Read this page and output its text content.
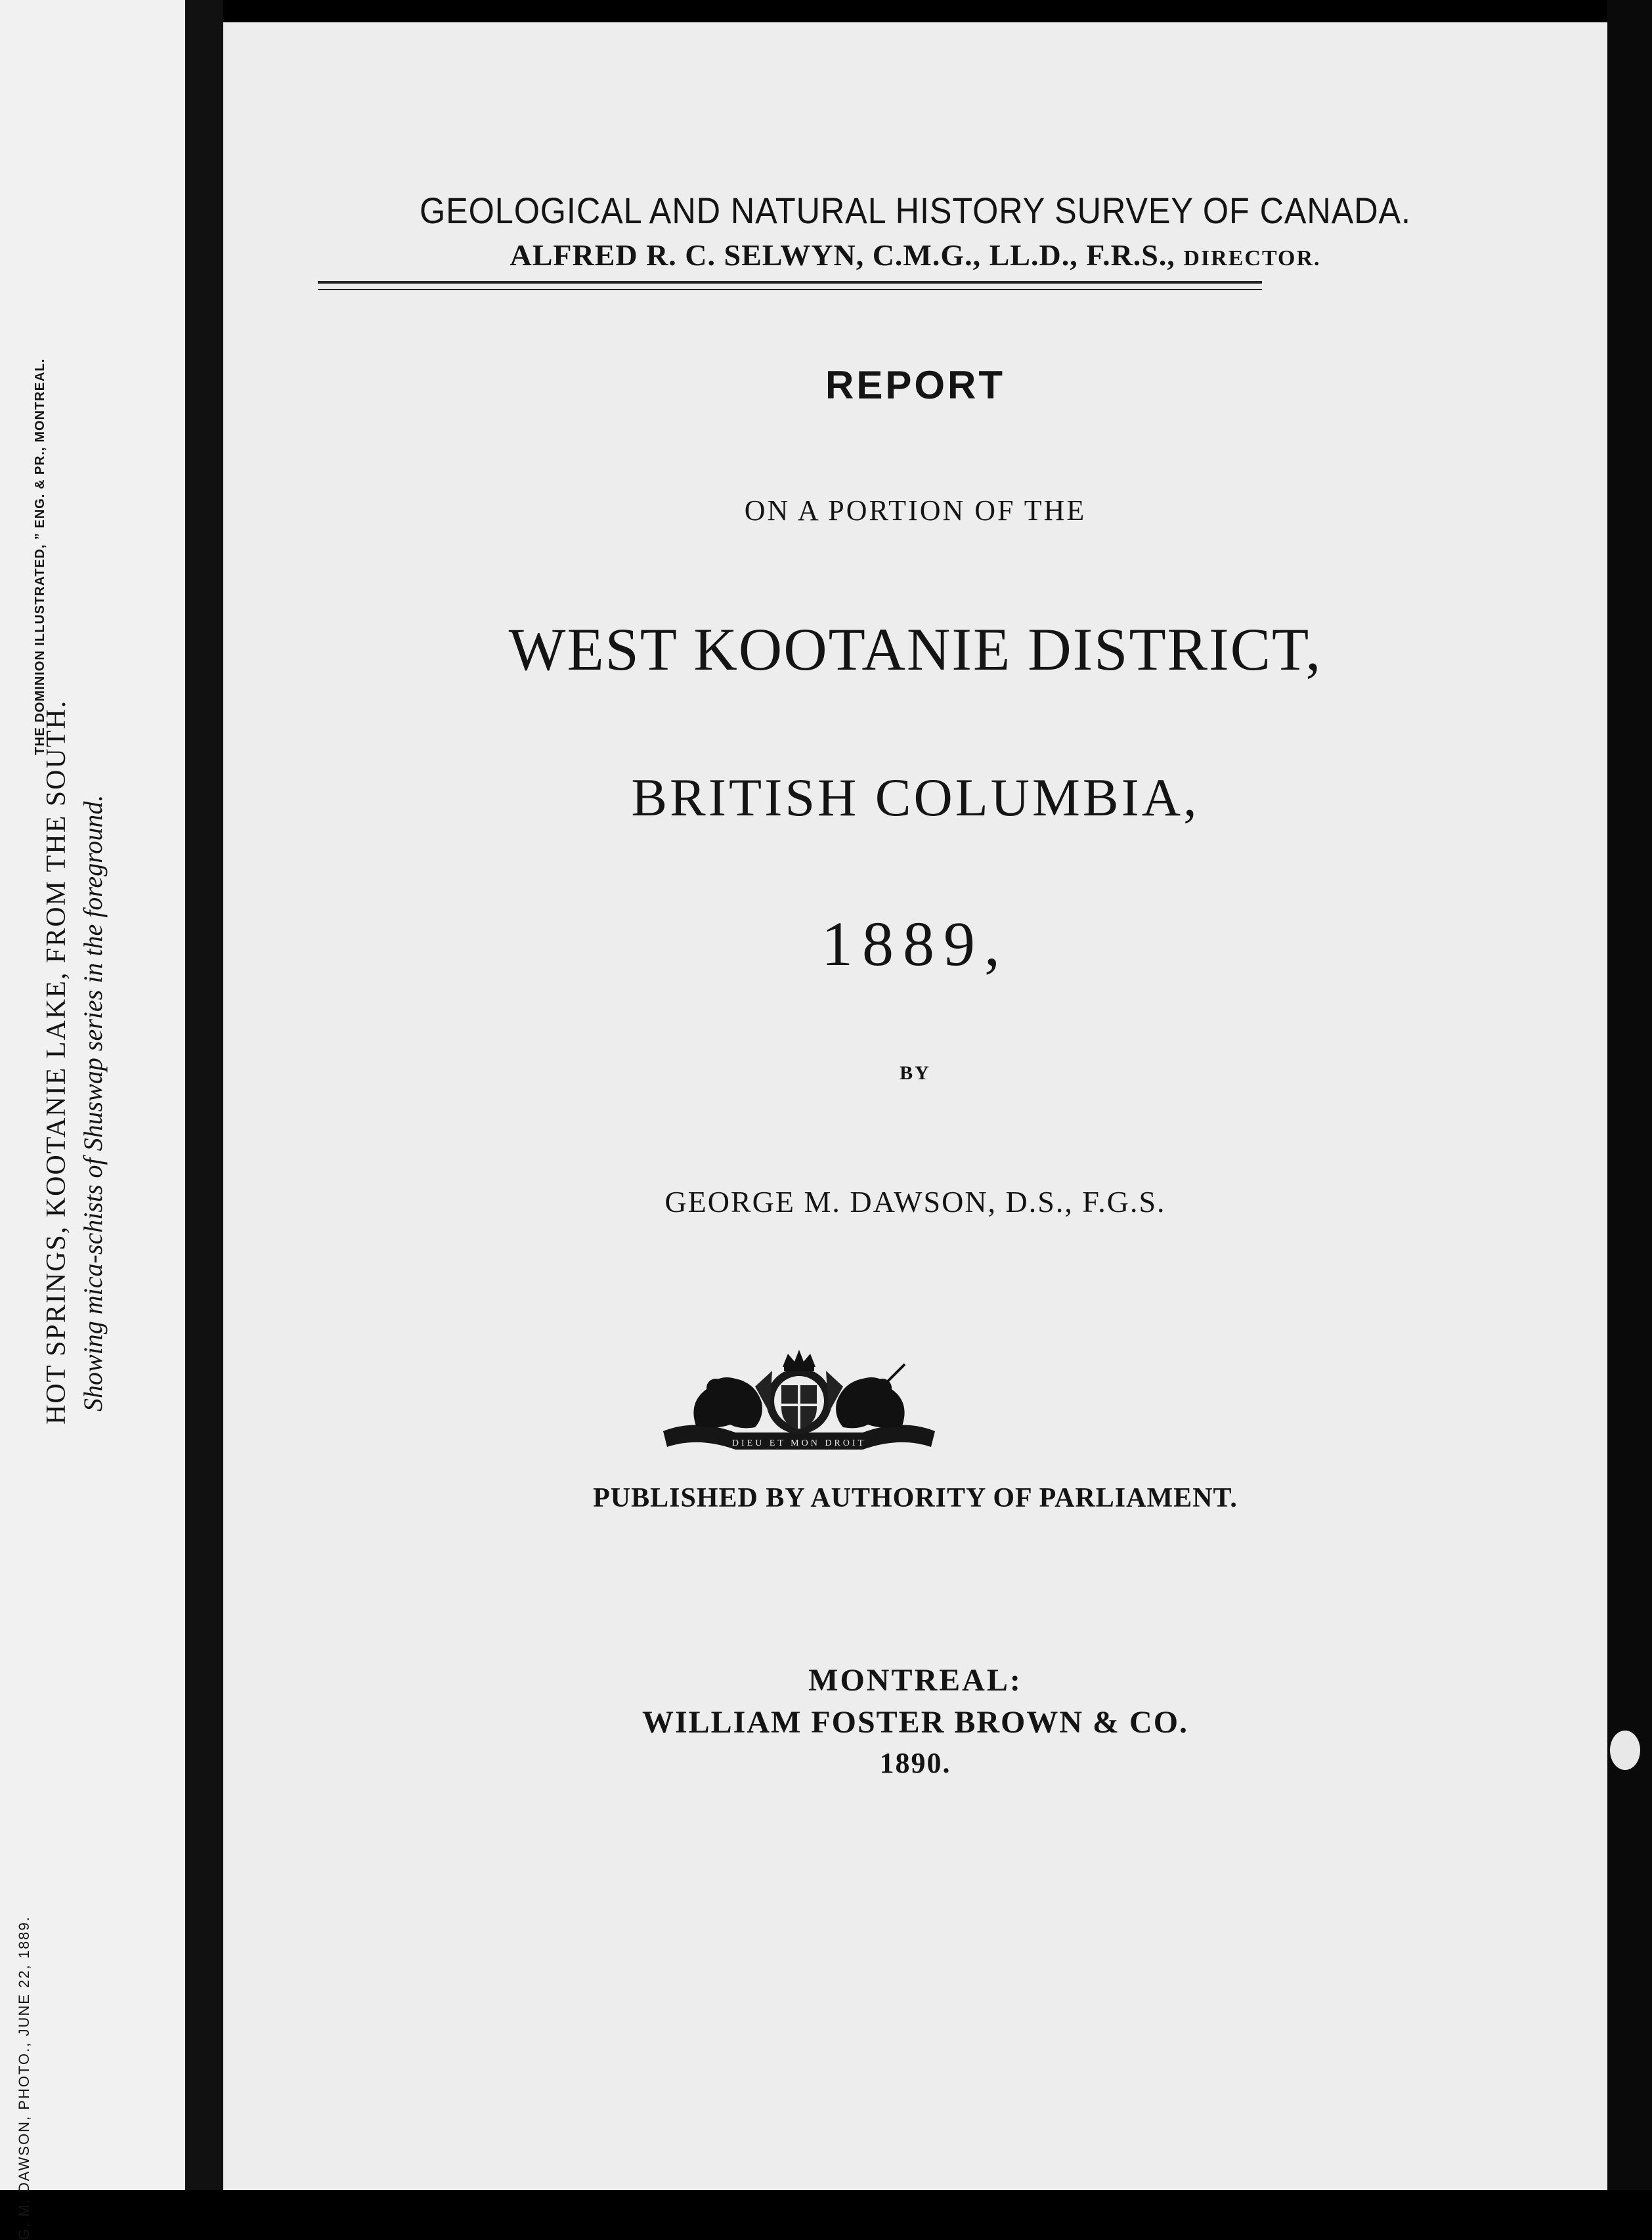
HOT SPRINGS, KOOTANIE LAKE, FROM THE SOUTH. Showing mica-schists of Shuswap series in the foreground.
G. M. DAWSON, PHOTO., JUNE 22, 1889.
THE DOMINION ILLUSTRATED, ” ENG. & PR., MONTREAL.
GEOLOGICAL AND NATURAL HISTORY SURVEY OF CANADA.
ALFRED R. C. SELWYN, C.M.G., LL.D., F.R.S., DIRECTOR.
REPORT
ON A PORTION OF THE
WEST KOOTANIE DISTRICT,
BRITISH COLUMBIA,
1889,
BY
GEORGE M. DAWSON, D.S., F.G.S.
DIEU ET MON DROIT
PUBLISHED BY AUTHORITY OF PARLIAMENT.
MONTREAL:
WILLIAM FOSTER BROWN & CO.
1890.
